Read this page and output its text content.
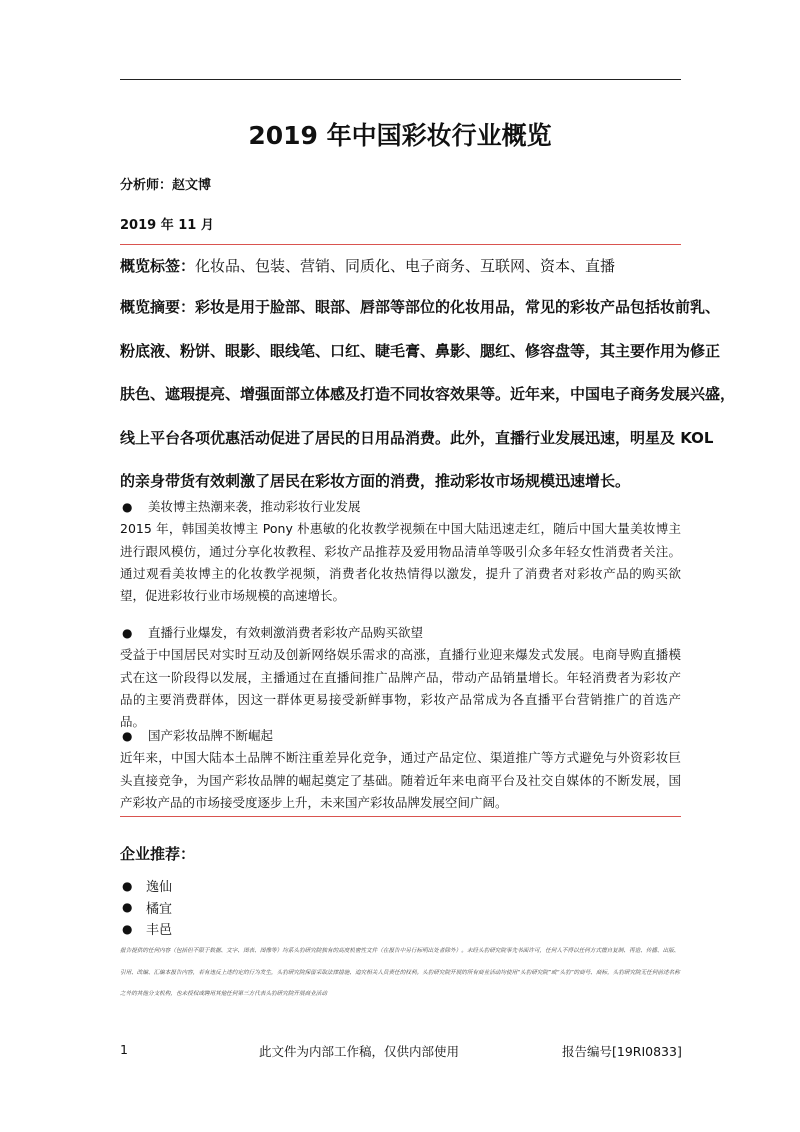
2019 年中国彩妆行业概览
分析师：赵文博
2019 年 11 月
概览标签：化妆品、包装、营销、同质化、电子商务、互联网、资本、直播
概览摘要：彩妆是用于脸部、眼部、唇部等部位的化妆用品，常见的彩妆产品包括妆前乳、
粉底液、粉饼、眼影、眼线笔、口红、睫毛膏、鼻影、腮红、修容盘等，其主要作用为修正
肤色、遮瑕提亮、增强面部立体感及打造不同妆容效果等。近年来，中国电子商务发展兴盛，
线上平台各项优惠活动促进了居民的日用品消费。此外，直播行业发展迅速，明星及 KOL
的亲身带货有效刺激了居民在彩妆方面的消费，推动彩妆市场规模迅速增长。
●	美妆博主热潮来袭，推动彩妆行业发展
2015 年，韩国美妆博主 Pony 朴惠敏的化妆教学视频在中国大陆迅速走红，随后中国大量美妆博主进行跟风模仿，通过分享化妆教程、彩妆产品推荐及爱用物品清单等吸引众多年轻女性消费者关注。通过观看美妆博主的化妆教学视频，消费者化妆热情得以激发，提升了消费者对彩妆产品的购买欲望，促进彩妆行业市场规模的高速增长。
●	直播行业爆发，有效刺激消费者彩妆产品购买欲望
受益于中国居民对实时互动及创新网络娱乐需求的高涨，直播行业迎来爆发式发展。电商导购直播模式在这一阶段得以发展，主播通过在直播间推广品牌产品，带动产品销量增长。年轻消费者为彩妆产品的主要消费群体，因这一群体更易接受新鲜事物，彩妆产品常成为各直播平台营销推广的首选产品。
●	国产彩妆品牌不断崛起
近年来，中国大陆本土品牌不断注重差异化竞争，通过产品定位、渠道推广等方式避免与外资彩妆巨头直接竞争，为国产彩妆品牌的崛起奠定了基础。随着近年来电商平台及社交自媒体的不断发展，国产彩妆产品的市场接受度逐步上升，未来国产彩妆品牌发展空间广阔。
企业推荐：
●	逸仙
●	橘宜
●	丰邑
报告提供的任何内容（包括但不限于数据、文字、图表、图像等）均系头豹研究院独有的高度机密性文件（在报告中另行标明出处者除外）。未经头豹研究院事先书面许可，任何人不得以任何方式擅自复制、再造、传播、出版、引用、改编、汇编本报告内容，若有违反上述约定的行为发生，头豹研究院保留采取法律措施、追究相关人员责任的权利。头豹研究院开展的所有商业活动均使用“头豹研究院”或“头豹”的商号、商标，头豹研究院无任何前述名称之外的其他分支机构，也未授权或聘用其他任何第三方代表头豹研究院开展商业活动
1	此文件为内部工作稿，仅供内部使用	报告编号[19RI0833]
